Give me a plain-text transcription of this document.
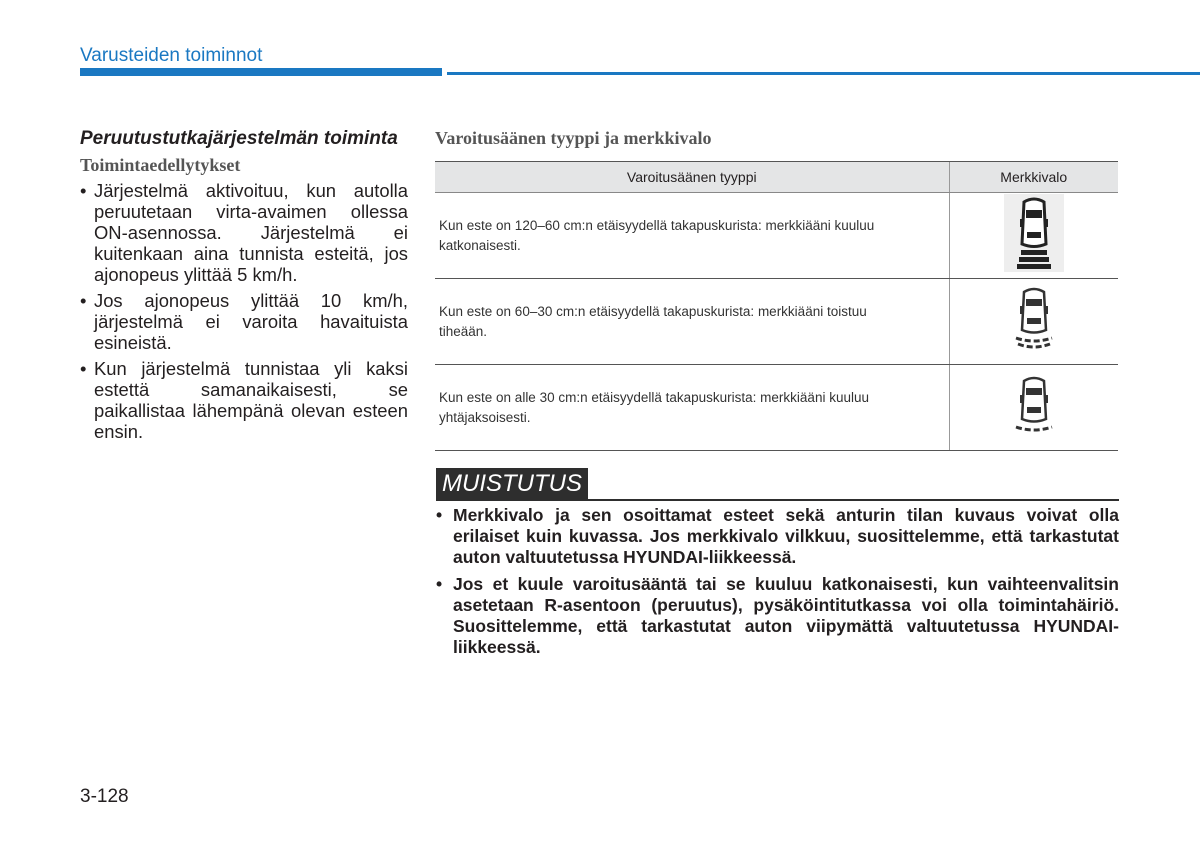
Varusteiden toiminnot
Peruutustutkajärjestelmän toiminta
Toimintaedellytykset
• Järjestelmä aktivoituu, kun autolla peruutetaan virta-avaimen ollessa ON-asennossa. Järjestelmä ei kuitenkaan aina tunnista esteitä, jos ajonopeus ylittää 5 km/h.
• Jos ajonopeus ylittää 10 km/h, järjestelmä ei varoita havaituista esineistä.
• Kun järjestelmä tunnistaa yli kaksi estettä samanaikaisesti, se paikallistaa lähempänä olevan esteen ensin.
Varoitusäänen tyyppi ja merkkivalo
Varoitusäänen tyyppi	Merkkivalo
Kun este on 120–60 cm:n etäisyydellä takapuskurista: merkkiääni kuuluu katkonaisesti.	
Kun este on 60–30 cm:n etäisyydellä takapuskurista: merkkiääni toistuu tiheään.	
Kun este on alle 30 cm:n etäisyydellä takapuskurista: merkkiääni kuuluu yhtäjaksoisesti.	
MUISTUTUS
• Merkkivalo ja sen osoittamat esteet sekä anturin tilan kuvaus voivat olla erilaiset kuin kuvassa. Jos merkkivalo vilkkuu, suosittelemme, että tarkastutat auton valtuutetussa HYUNDAI-liikkeessä.
• Jos et kuule varoitusääntä tai se kuuluu katkonaisesti, kun vaihteenvalitsin asetetaan R-asentoon (peruutus), pysäköintitutkassa voi olla toimintahäiriö. Suosittelemme, että tarkastutat auton viipymättä valtuutetussa HYUNDAI-liikkeessä.
3-128
